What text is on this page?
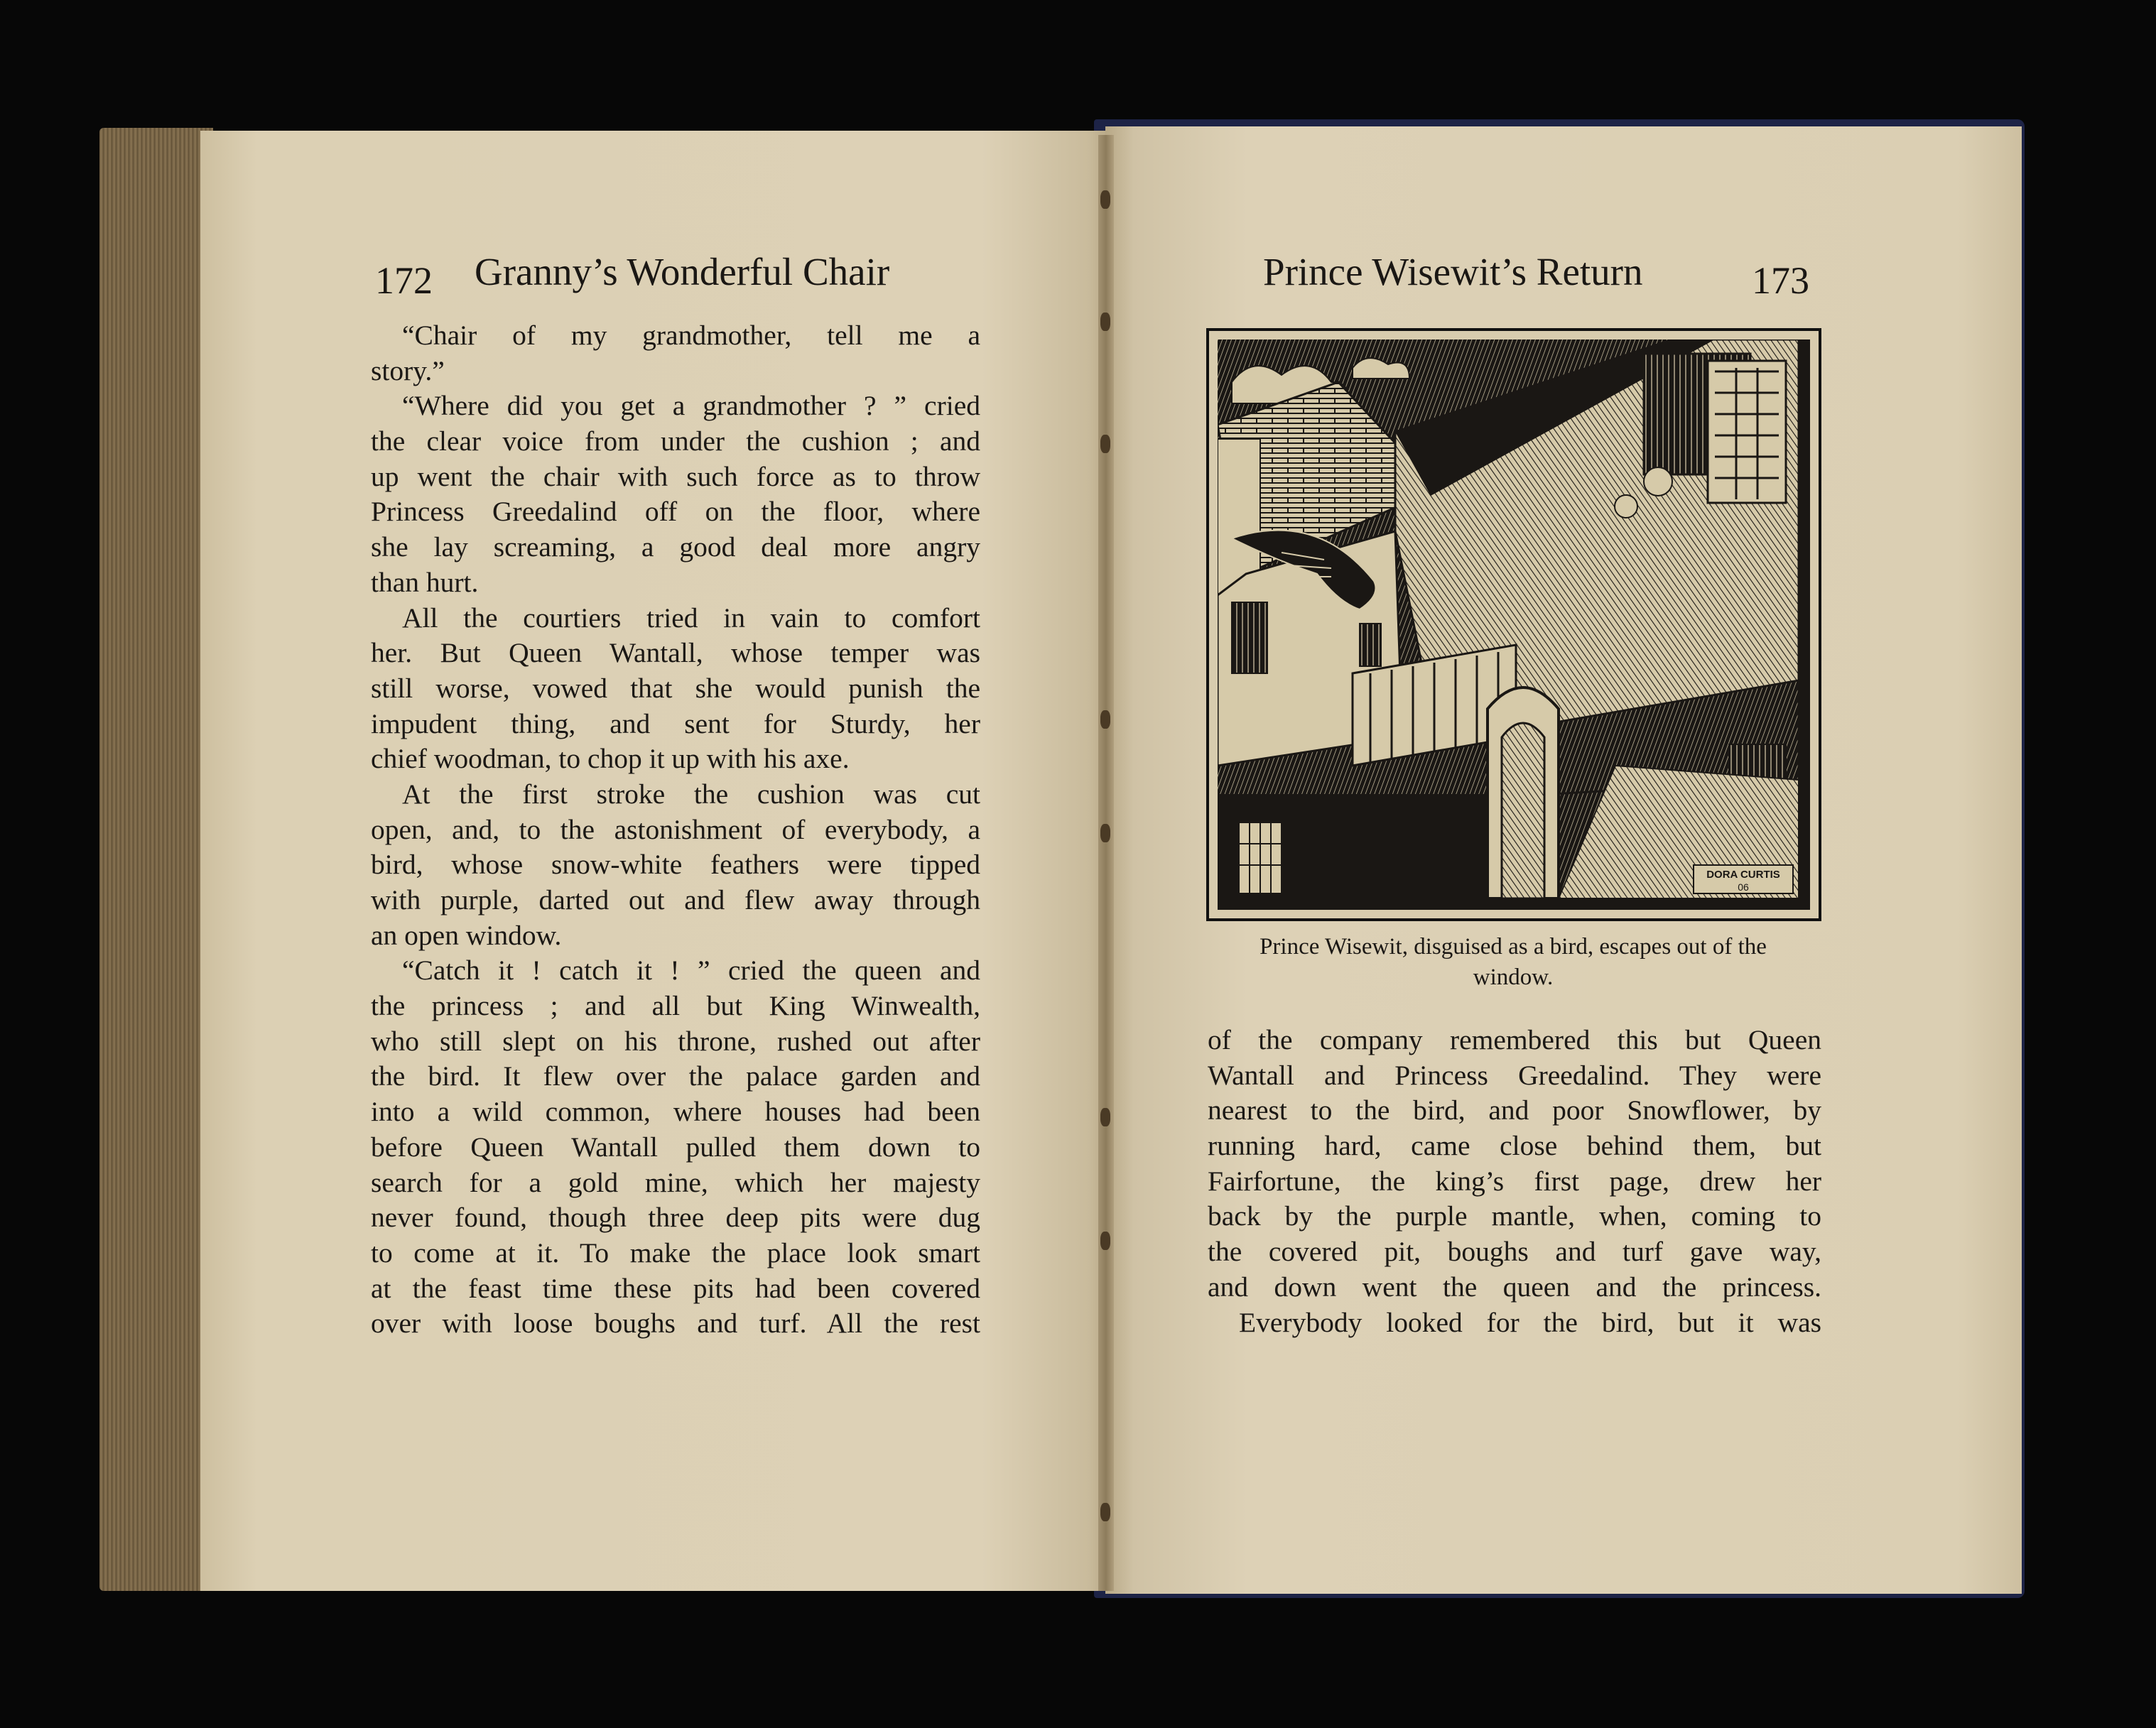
172 Granny’s Wonderful Chair	Prince Wisewit’s Return	173
“Chair of my grandmother, tell me a
story.”
“Where did you get a grandmother ? ” cried
the clear voice from under the cushion ; and
up went the chair with such force as to throw
Princess Greedalind off on the floor, where
she lay screaming, a good deal more angry
than hurt.
All the courtiers tried in vain to comfort
her. But Queen Wantall, whose temper was
still worse, vowed that she would punish the
impudent thing, and sent for Sturdy, her
chief woodman, to chop it up with his axe.
At the first stroke the cushion was cut
open, and, to the astonishment of everybody, a
bird, whose snow-white feathers were tipped
with purple, darted out and flew away through
an open window.
“Catch it ! catch it ! ” cried the queen and
the princess ; and all but King Winwealth,
who still slept on his throne, rushed out after
the bird. It flew over the palace garden and
into a wild common, where houses had been
before Queen Wantall pulled them down to
search for a gold mine, which her majesty
never found, though three deep pits were dug
to come at it. To make the place look smart
at the feast time these pits had been covered
over with loose boughs and turf. All the rest
DORA CURTIS
06
Prince Wisewit, disguised as a bird, escapes out of the
window.
of the company remembered this but Queen
Wantall and Princess Greedalind. They were
nearest to the bird, and poor Snowflower, by
running hard, came close behind them, but
Fairfortune, the king’s first page, drew her
back by the purple mantle, when, coming to
the covered pit, boughs and turf gave way,
and down went the queen and the princess.
Everybody looked for the bird, but it was
